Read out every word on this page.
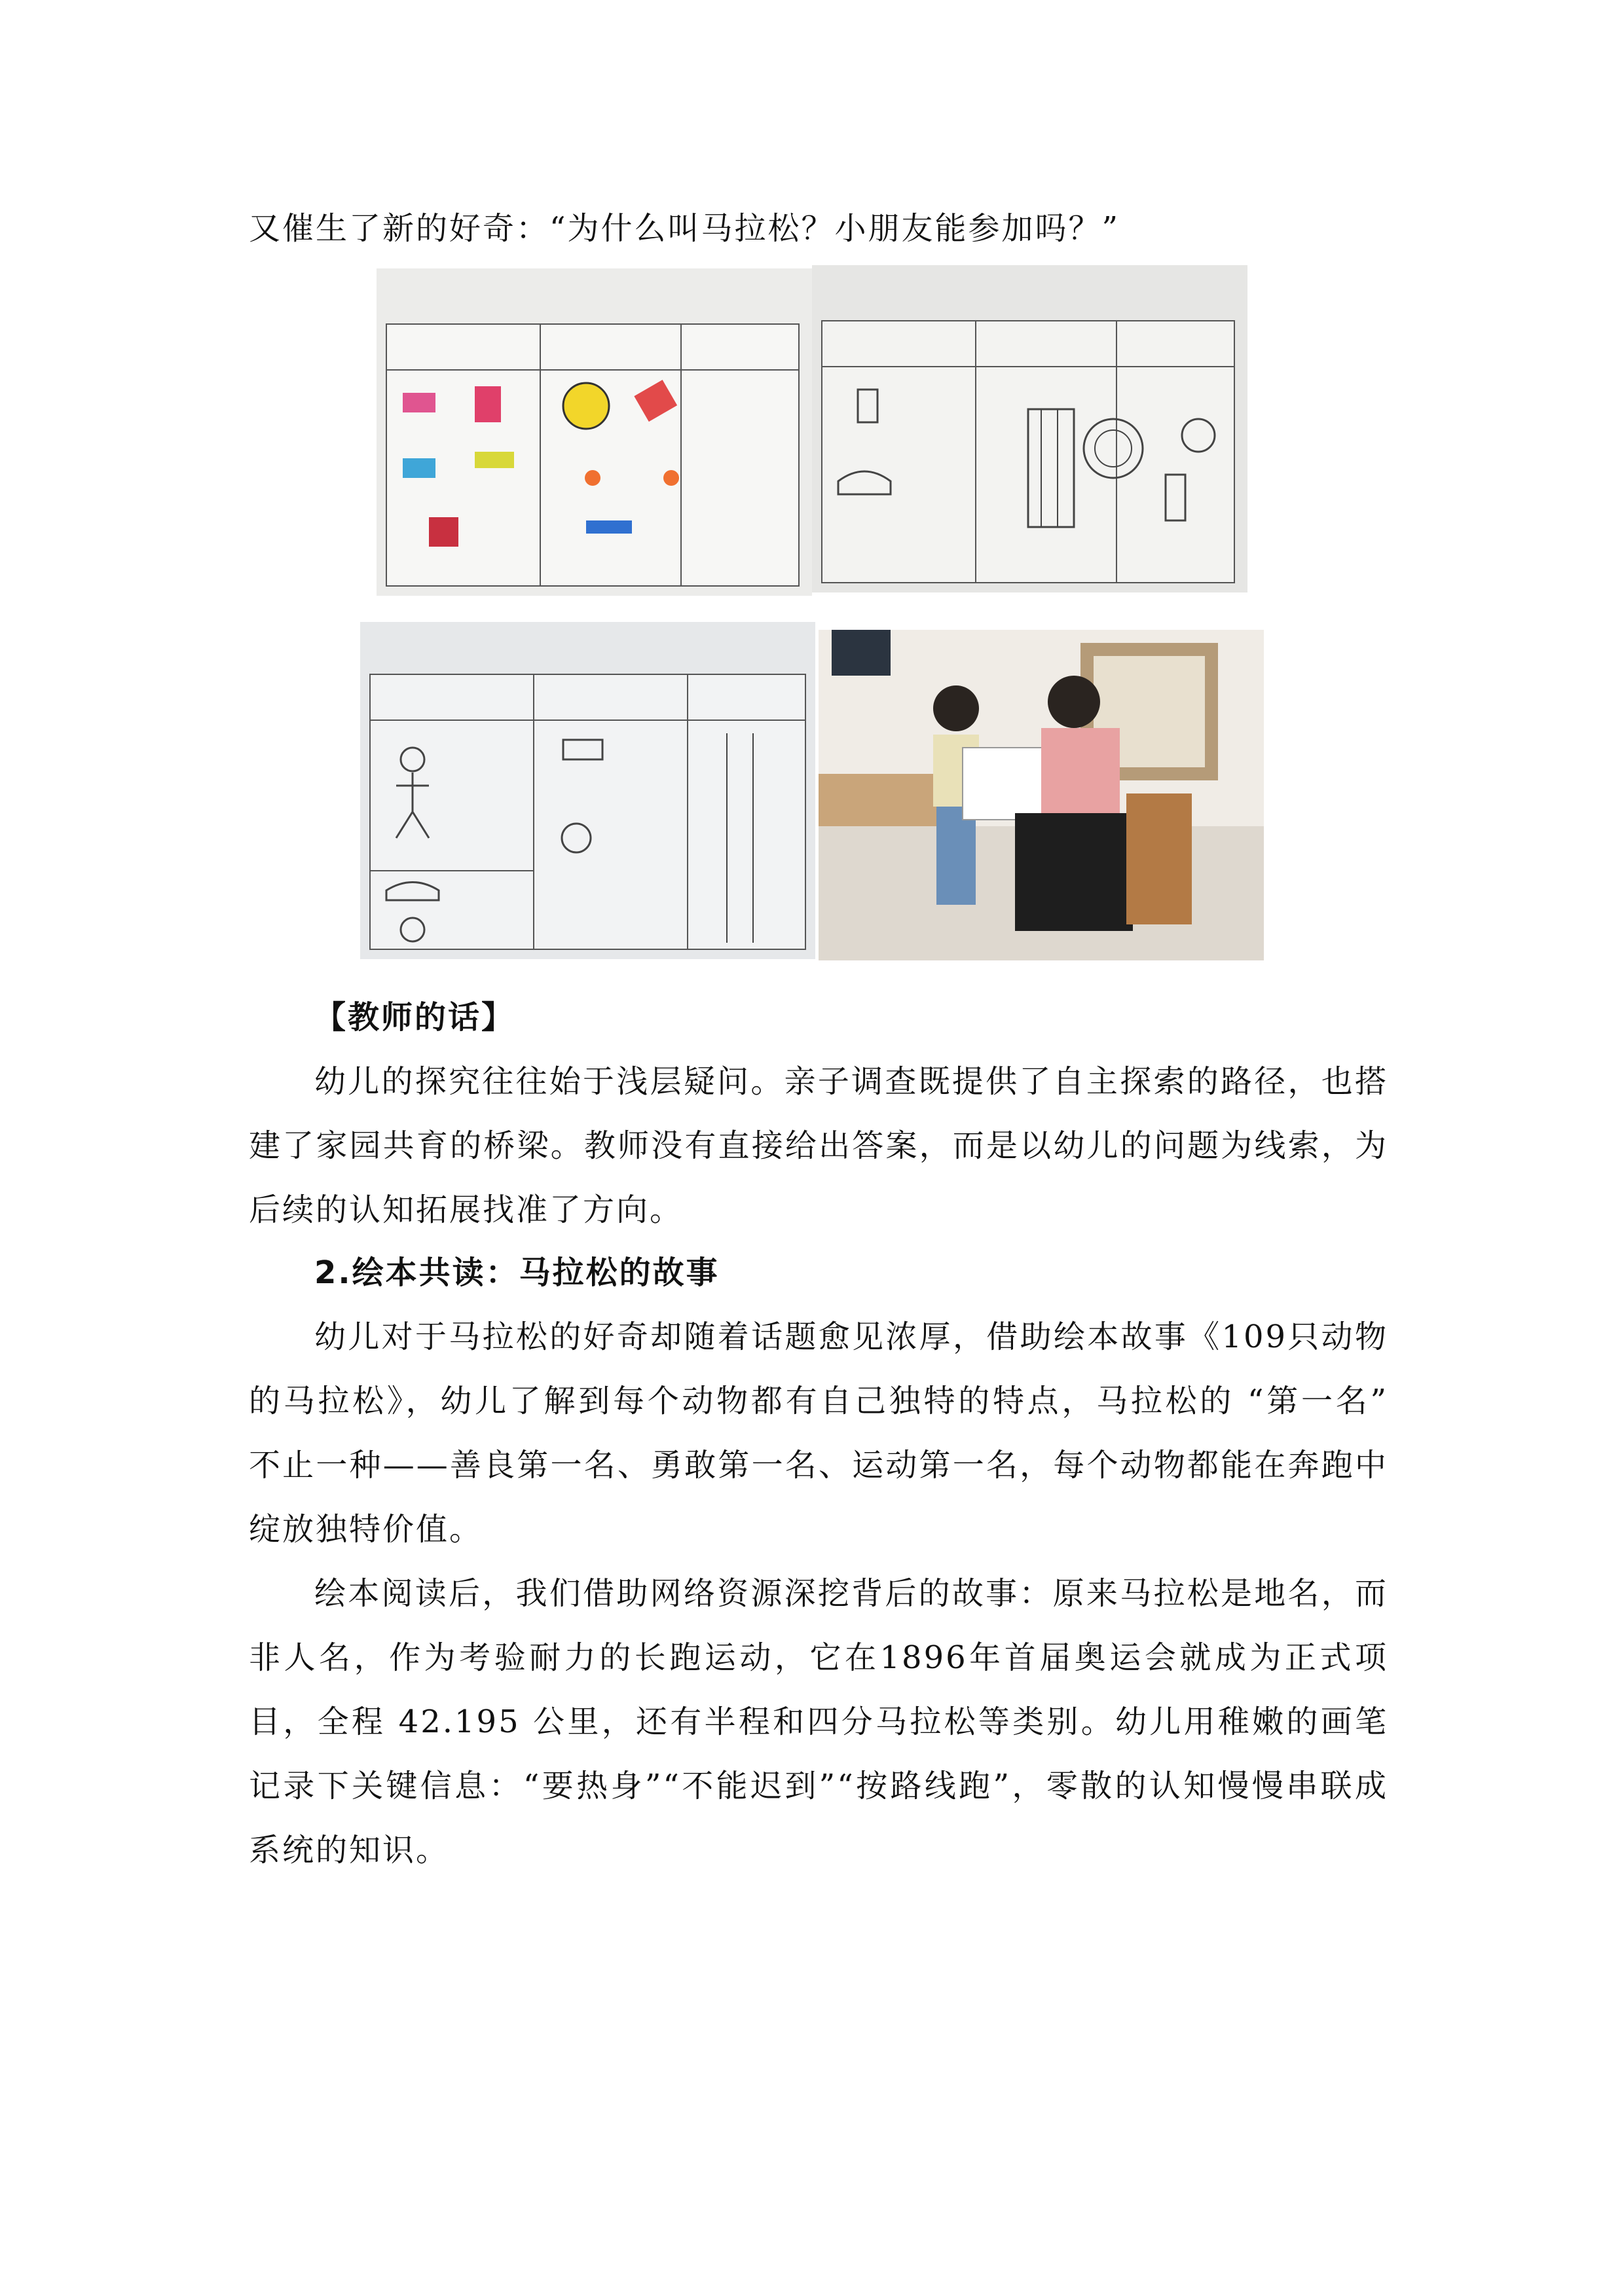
又催生了新的好奇：“为什么叫马拉松？小朋友能参加吗？”

【教师的话】

幼儿的探究往往始于浅层疑问。亲子调查既提供了自主探索的路径，也搭建了家园共育的桥梁。教师没有直接给出答案，而是以幼儿的问题为线索，为后续的认知拓展找准了方向。

2.绘本共读：马拉松的故事

幼儿对于马拉松的好奇却随着话题愈见浓厚，借助绘本故事《109只动物的马拉松》，幼儿了解到每个动物都有自己独特的特点，马拉松的 “第一名” 不止一种——善良第一名、勇敢第一名、运动第一名，每个动物都能在奔跑中绽放独特价值。

绘本阅读后，我们借助网络资源深挖背后的故事：原来马拉松是地名，而非人名，作为考验耐力的长跑运动，它在1896年首届奥运会就成为正式项目，全程 42.195 公里，还有半程和四分马拉松等类别。幼儿用稚嫩的画笔记录下关键信息：“要热身”“不能迟到”“按路线跑”，零散的认知慢慢串联成系统的知识。
